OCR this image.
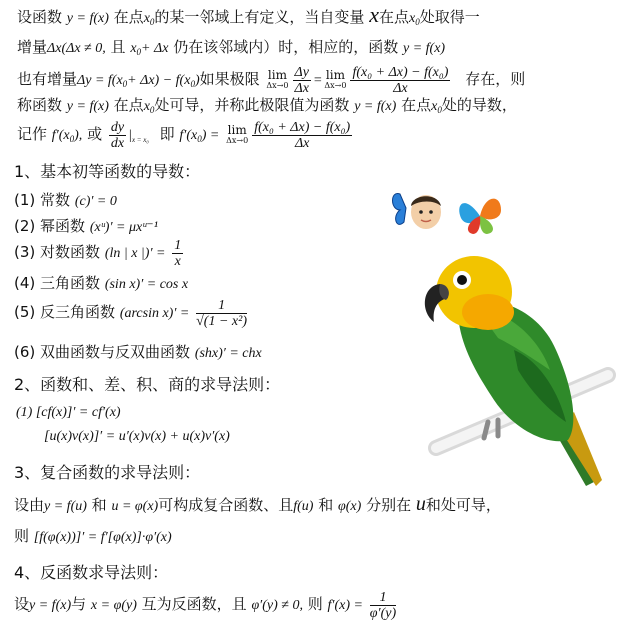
设函数 y = f(x) 在点$x_0$的某一邻域上有定义，当自变量 x在点$x_0$处取得一
增量Δx(Δx ≠ 0, 且 $x_0+ \Delta x$ 仍在该邻域内）时，相应的，函数 y = f(x)
也有增量$\Delta y = f(x_0+ \Delta x) - f(x_0)$如果极限 lim
$\Delta x\to 0 \frac{\Delta y}{\Delta x} = \lim$
$\Delta x\to 0 \frac{\text{f(x₀ + Δx) − f(x₀)}}{\Delta x}$ 存在，则
称函数 y = f(x) 在点$x_0$处可导，并称此极限值为函数 y = f(x) 在点$x_0$处的导数，
记作 $f'(x_0)$, 或 $\frac{dy}{dx} |_{x = x_0}$ 即 $f'(x_0) = \lim$
$\Delta x\to 0 \frac{\text{f(x₀ + Δx) − f(x₀)}}{\Delta x}$
1、基本初等函数的导数：
(1) 常数 (c)′ = 0
(2) 幂函数 (xᵘ)′ = μxᵘ⁻¹
(3) 对数函数 (ln | x |)′ = $\frac{1}{x}$
(4) 三角函数 (sin x)′ = cos x
(5) 反三角函数 (arcsin $x)' = \frac{1}{\text{√(1 − x²)}}$
(6) 双曲函数与反双曲函数 (shx)′ = chx
2、函数和、差、积、商的求导法则：
(1) [cf(x)]′ = cf′(x)
[u(x)v(x)]′ = u′(x)v(x) + u(x)v′(x)
3、复合函数的求导法则：
设由y = f(u) 和 u = φ(x)可构成复合函数、且f(u) 和 φ(x) 分别在 u和处可导，
则 [f(φ(x))]′ = f′[φ(x)]·φ′(x)
4、反函数求导法则：
设y = f(x)与 x = φ(y) 互为反函数，且 φ′(y) ≠ 0, 则 $f'(x) = \frac{1}{\varphi'(y)}$
